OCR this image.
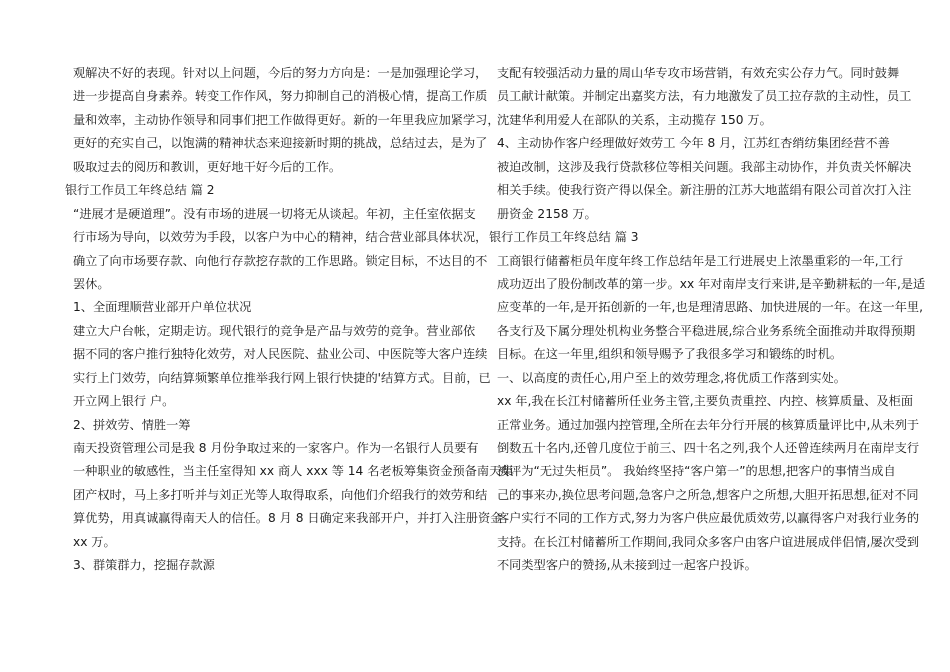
观解决不好的表现。针对以上问题，今后的努力方向是：一是加强理论学习，
进一步提高自身素养。转变工作作风，努力抑制自己的消极心情，提高工作质
量和效率，主动协作领导和同事们把工作做得更好。新的一年里我应加紧学习，
更好的充实自己，以饱满的精神状态来迎接新时期的挑战，总结过去，是为了
吸取过去的阅历和教训，更好地干好今后的工作。
银行工作员工年终总结 篇 2
“进展才是硬道理”。没有市场的进展一切将无从谈起。年初，主任室依据支
行市场为导向，以效劳为手段，以客户为中心的精神，结合营业部具体状况，
确立了向市场要存款、向他行存款挖存款的工作思路。锁定目标，不达目的不
罢休。
1、全面理顺营业部开户单位状况
建立大户台帐，定期走访。现代银行的竞争是产品与效劳的竞争。营业部依
据不同的客户推行独特化效劳，对人民医院、盐业公司、中医院等大客户连续
实行上门效劳，向结算频繁单位推举我行网上银行快捷的'结算方式。目前，已
开立网上银行 户。
2、拼效劳、情胜一筹
南天投资管理公司是我 8 月份争取过来的一家客户。作为一名银行人员要有
一种职业的敏感性，当主任室得知 xx 商人 xxx 等 14 名老板筹集资金预备南天集
团产权时，马上多打听并与刘正光等人取得取系，向他们介绍我行的效劳和结
算优势，用真诚赢得南天人的信任。8 月 8 日确定来我部开户，并打入注册资金
xx 万。
3、群策群力，挖掘存款源
支配有较强活动力量的周山华专攻市场营销，有效充实公存力气。同时鼓舞
员工献计献策。并制定出嘉奖方法，有力地激发了员工拉存款的主动性，员工
沈建华利用爱人在部队的关系，主动揽存 150 万。
4、主动协作客户经理做好效劳工 今年 8 月，江苏红杏绡纺集团经营不善
被迫改制，这涉及我行贷款移位等相关问题。我部主动协作，并负责关怀解决
相关手续。使我行资产得以保全。新注册的江苏大地蓝绢有限公司首次打入注
册资金 2158 万。
银行工作员工年终总结 篇 3
工商银行储蓄柜员年度年终工作总结年是工行进展史上浓墨重彩的一年,工行
成功迈出了股份制改革的第一步。xx 年对南岸支行来讲,是辛勤耕耘的一年,是适
应变革的一年,是开拓创新的一年,也是理清思路、加快进展的一年。在这一年里,
各支行及下属分理处机构业务整合平稳进展,综合业务系统全面推动并取得预期
目标。在这一年里,组织和领导赐予了我很多学习和锻练的时机。
一、以高度的责任心,用户至上的效劳理念,将优质工作落到实处。
xx 年,我在长江村储蓄所任业务主管,主要负责重控、内控、核算质量、及柜面
正常业务。通过加强内控管理,全所在去年分行开展的核算质量评比中,从未列于
倒数五十名内,还曾几度位于前三、四十名之列,我个人还曾连续两月在南岸支行
被评为“无过失柜员”。 我始终坚持“客户第一”的思想,把客户的事情当成自
己的事来办,换位思考问题,急客户之所急,想客户之所想,大胆开拓思想,征对不同
客户实行不同的工作方式,努力为客户供应最优质效劳,以赢得客户对我行业务的
支持。在长江村储蓄所工作期间,我同众多客户由客户谊进展成伴侣情,屡次受到
不同类型客户的赞扬,从未接到过一起客户投诉。
